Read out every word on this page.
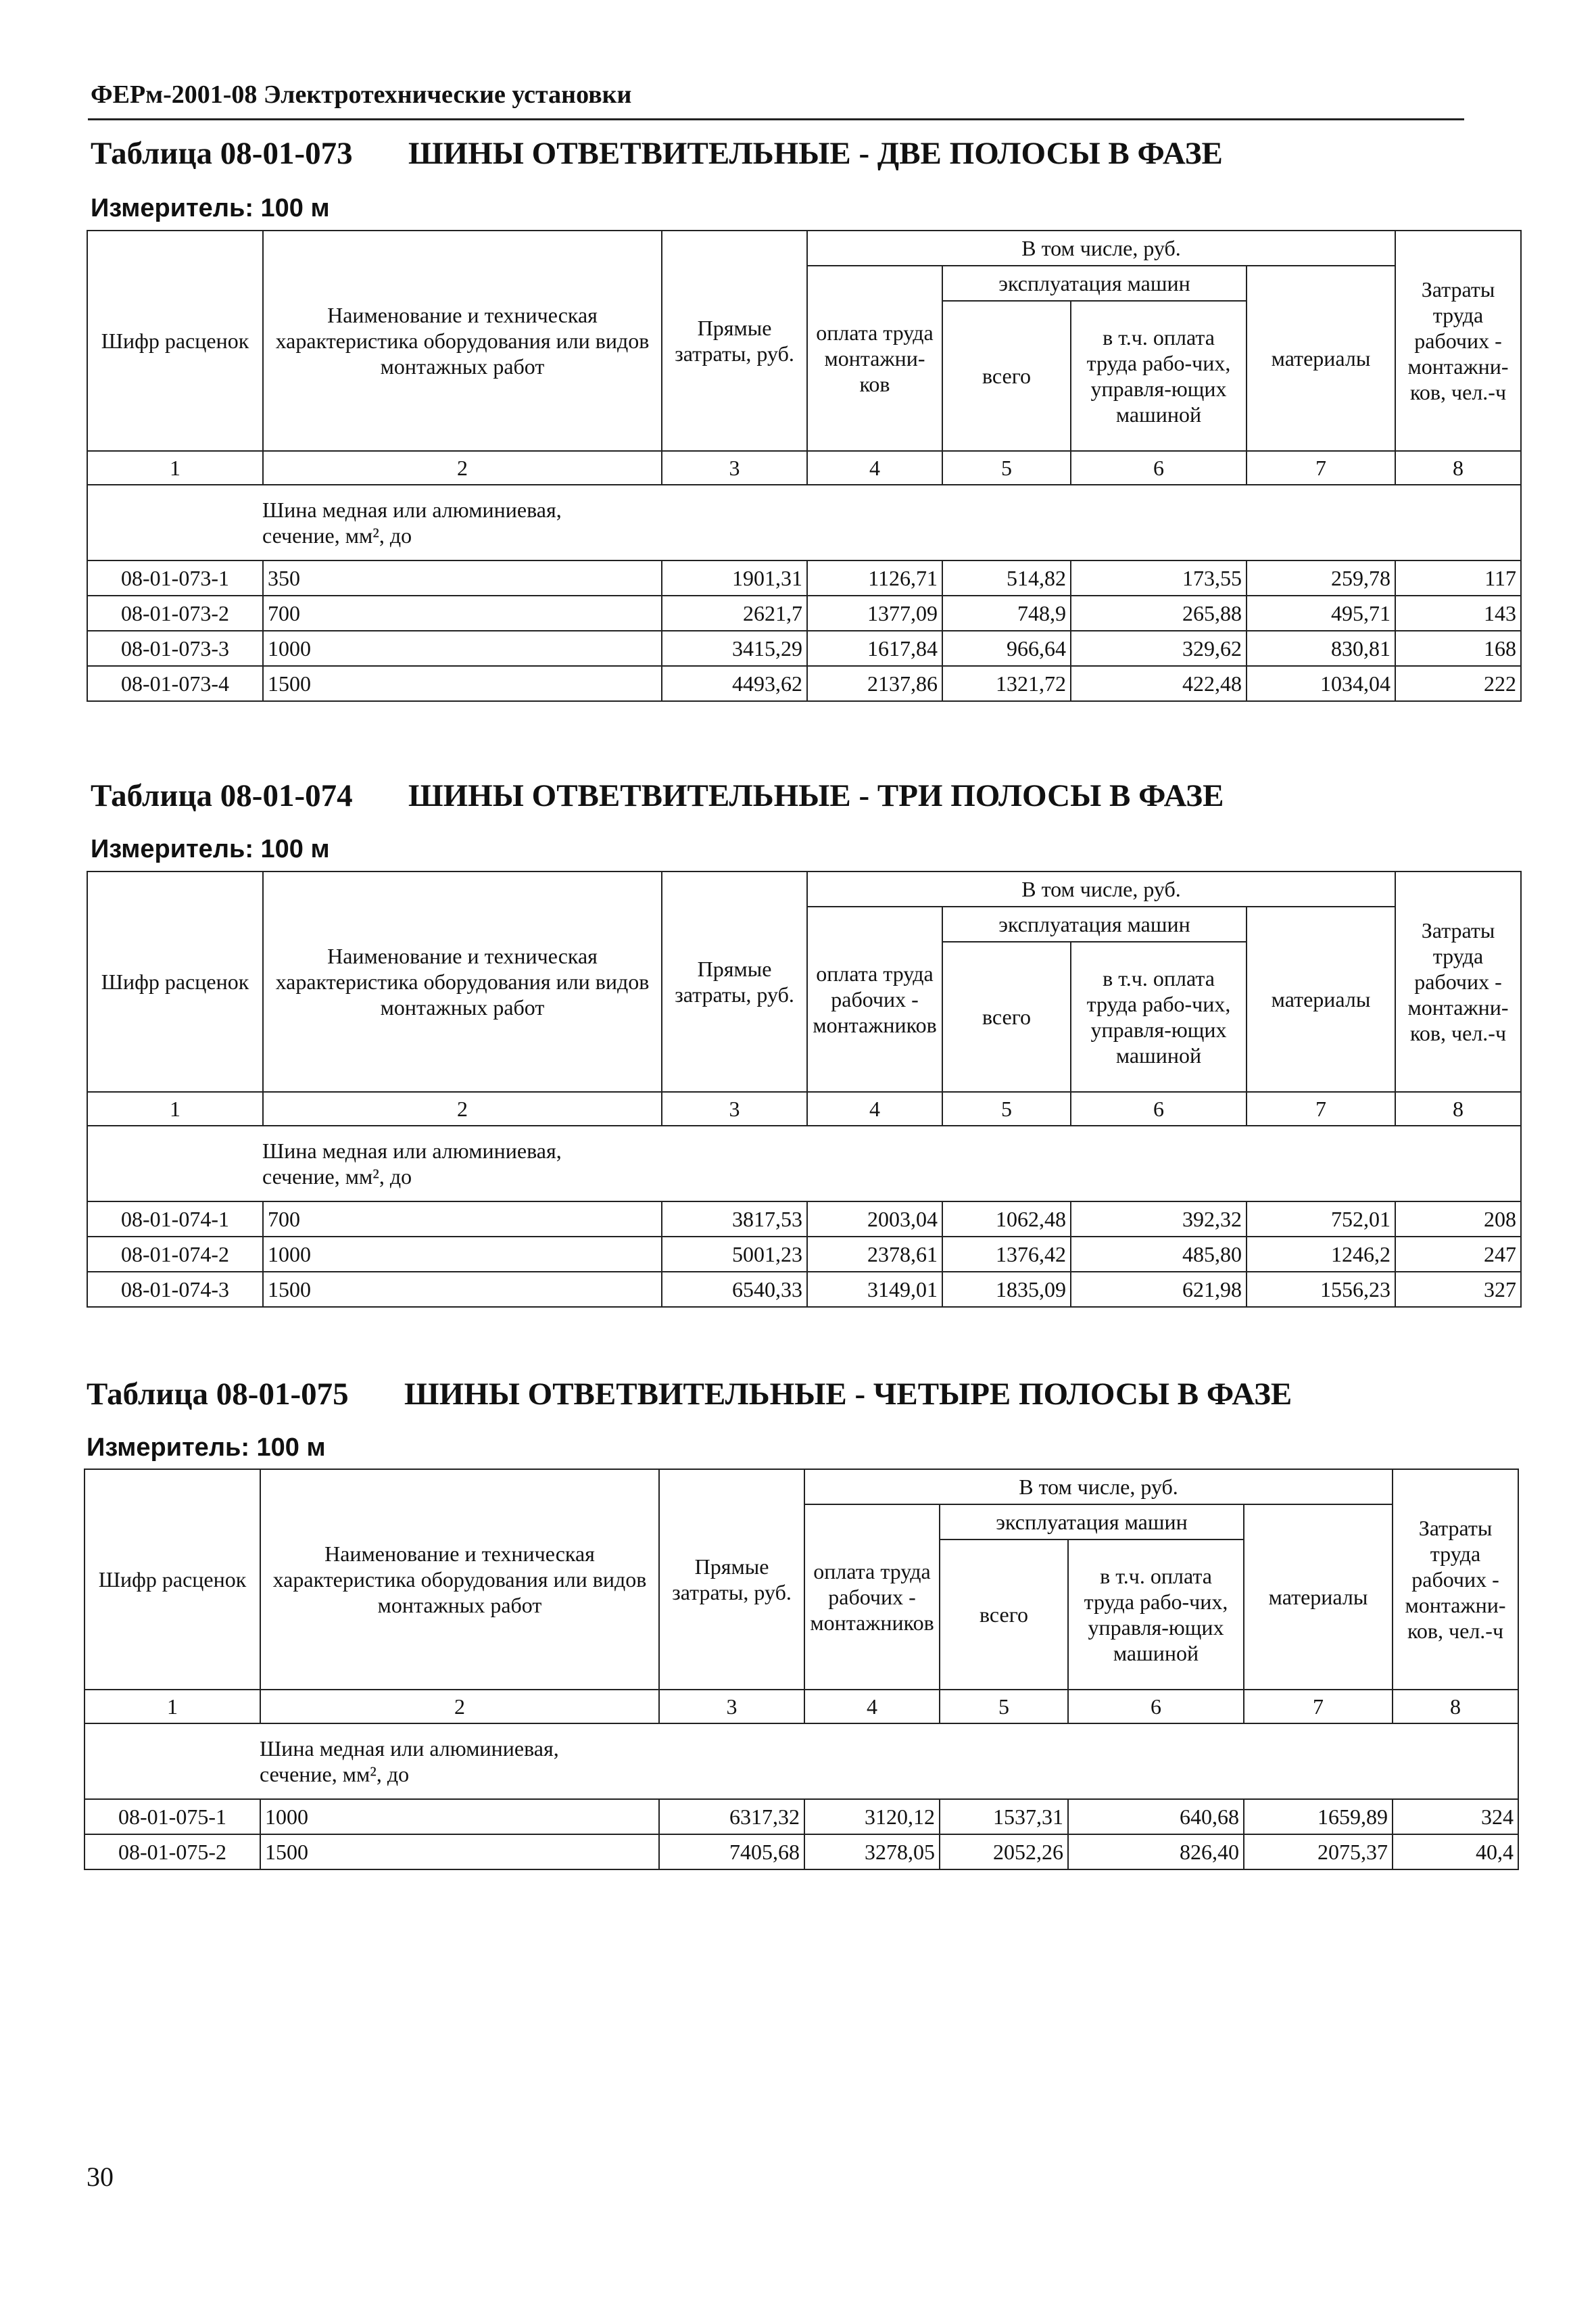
ФЕРм-2001-08 Электротехнические установки
Таблица 08-01-073 ШИНЫ ОТВЕТВИТЕЛЬНЫЕ - ДВЕ ПОЛОСЫ В ФАЗЕ
Измеритель: 100 м
Шифр расценок	Наименование и техническая характеристика оборудования или видов монтажных работ	Прямые затраты, руб.	В том числе, руб.				Затраты труда рабочих - монтажни-ков, чел.-ч
			оплата труда монтажни-ков	эксплуатация машин		материалы	
				всего	в т.ч. оплата труда рабо-чих, управля-ющих машиной		
1	2	3	4	5	6	7	8

Шина медная или алюминиевая, сечение, мм², до							

08-01-073-1	350	1901,31	1126,71	514,82	173,55	259,78	117
08-01-073-2	700	2621,7	1377,09	748,9	265,88	495,71	143
08-01-073-3	1000	3415,29	1617,84	966,64	329,62	830,81	168
08-01-073-4	1500	4493,62	2137,86	1321,72	422,48	1034,04	222
Таблица 08-01-074 ШИНЫ ОТВЕТВИТЕЛЬНЫЕ - ТРИ ПОЛОСЫ В ФАЗЕ
Измеритель: 100 м
Шифр расценок	Наименование и техническая характеристика оборудования или видов монтажных работ	Прямые затраты, руб.	В том числе, руб.				Затраты труда рабочих - монтажни-ков, чел.-ч
			оплата труда рабочих - монтажников	эксплуатация машин		материалы	
				всего	в т.ч. оплата труда рабо-чих, управля-ющих машиной		
1	2	3	4	5	6	7	8

Шина медная или алюминиевая, сечение, мм², до							

08-01-074-1	700	3817,53	2003,04	1062,48	392,32	752,01	208
08-01-074-2	1000	5001,23	2378,61	1376,42	485,80	1246,2	247
08-01-074-3	1500	6540,33	3149,01	1835,09	621,98	1556,23	327
Таблица 08-01-075 ШИНЫ ОТВЕТВИТЕЛЬНЫЕ - ЧЕТЫРЕ ПОЛОСЫ В ФАЗЕ
Измеритель: 100 м
Шифр расценок	Наименование и техническая характеристика оборудования или видов монтажных работ	Прямые затраты, руб.	В том числе, руб.				Затраты труда рабочих - монтажни-ков, чел.-ч
			оплата труда рабочих - монтажников	эксплуатация машин		материалы	
				всего	в т.ч. оплата труда рабо-чих, управля-ющих машиной		
1	2	3	4	5	6	7	8

Шина медная или алюминиевая, сечение, мм², до							

08-01-075-1	1000	6317,32	3120,12	1537,31	640,68	1659,89	324
08-01-075-2	1500	7405,68	3278,05	2052,26	826,40	2075,37	40,4
30
